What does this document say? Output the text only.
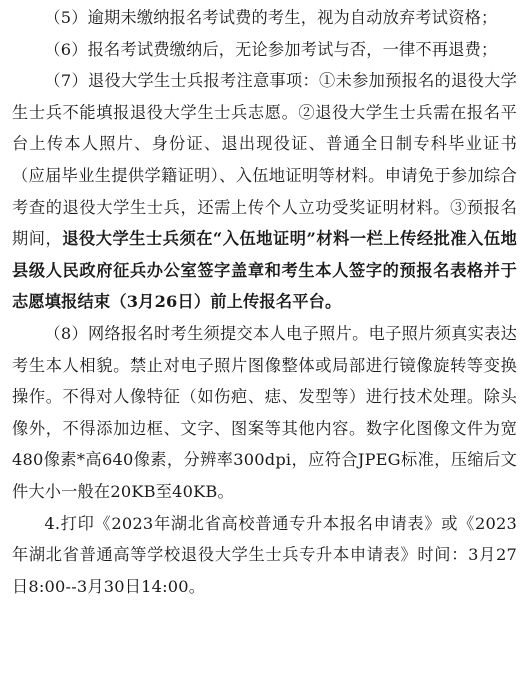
（5）逾期未缴纳报名考试费的考生，视为自动放弃考试资格；

（6）报名考试费缴纳后，无论参加考试与否，一律不再退费；

（7）退役大学生士兵报考注意事项：①未参加预报名的退役大学生士兵不能填报退役大学生士兵志愿。②退役大学生士兵需在报名平台上传本人照片、身份证、退出现役证、普通全日制专科毕业证书（应届毕业生提供学籍证明）、入伍地证明等材料。申请免于参加综合考查的退役大学生士兵，还需上传个人立功受奖证明材料。③预报名期间，退役大学生士兵须在“入伍地证明”材料一栏上传经批准入伍地县级人民政府征兵办公室签字盖章和考生本人签字的预报名表格并于志愿填报结束（3月26日）前上传报名平台。

（8）网络报名时考生须提交本人电子照片。电子照片须真实表达考生本人相貌。禁止对电子照片图像整体或局部进行镜像旋转等变换操作。不得对人像特征（如伤疤、痣、发型等）进行技术处理。除头像外，不得添加边框、文字、图案等其他内容。数字化图像文件为宽480像素*高640像素，分辨率300dpi，应符合JPEG标准，压缩后文件大小一般在20KB至40KB。

4.打印《2023年湖北省高校普通专升本报名申请表》或《2023年湖北省普通高等学校退役大学生士兵专升本申请表》时间：3月27日8:00--3月30日14:00。
